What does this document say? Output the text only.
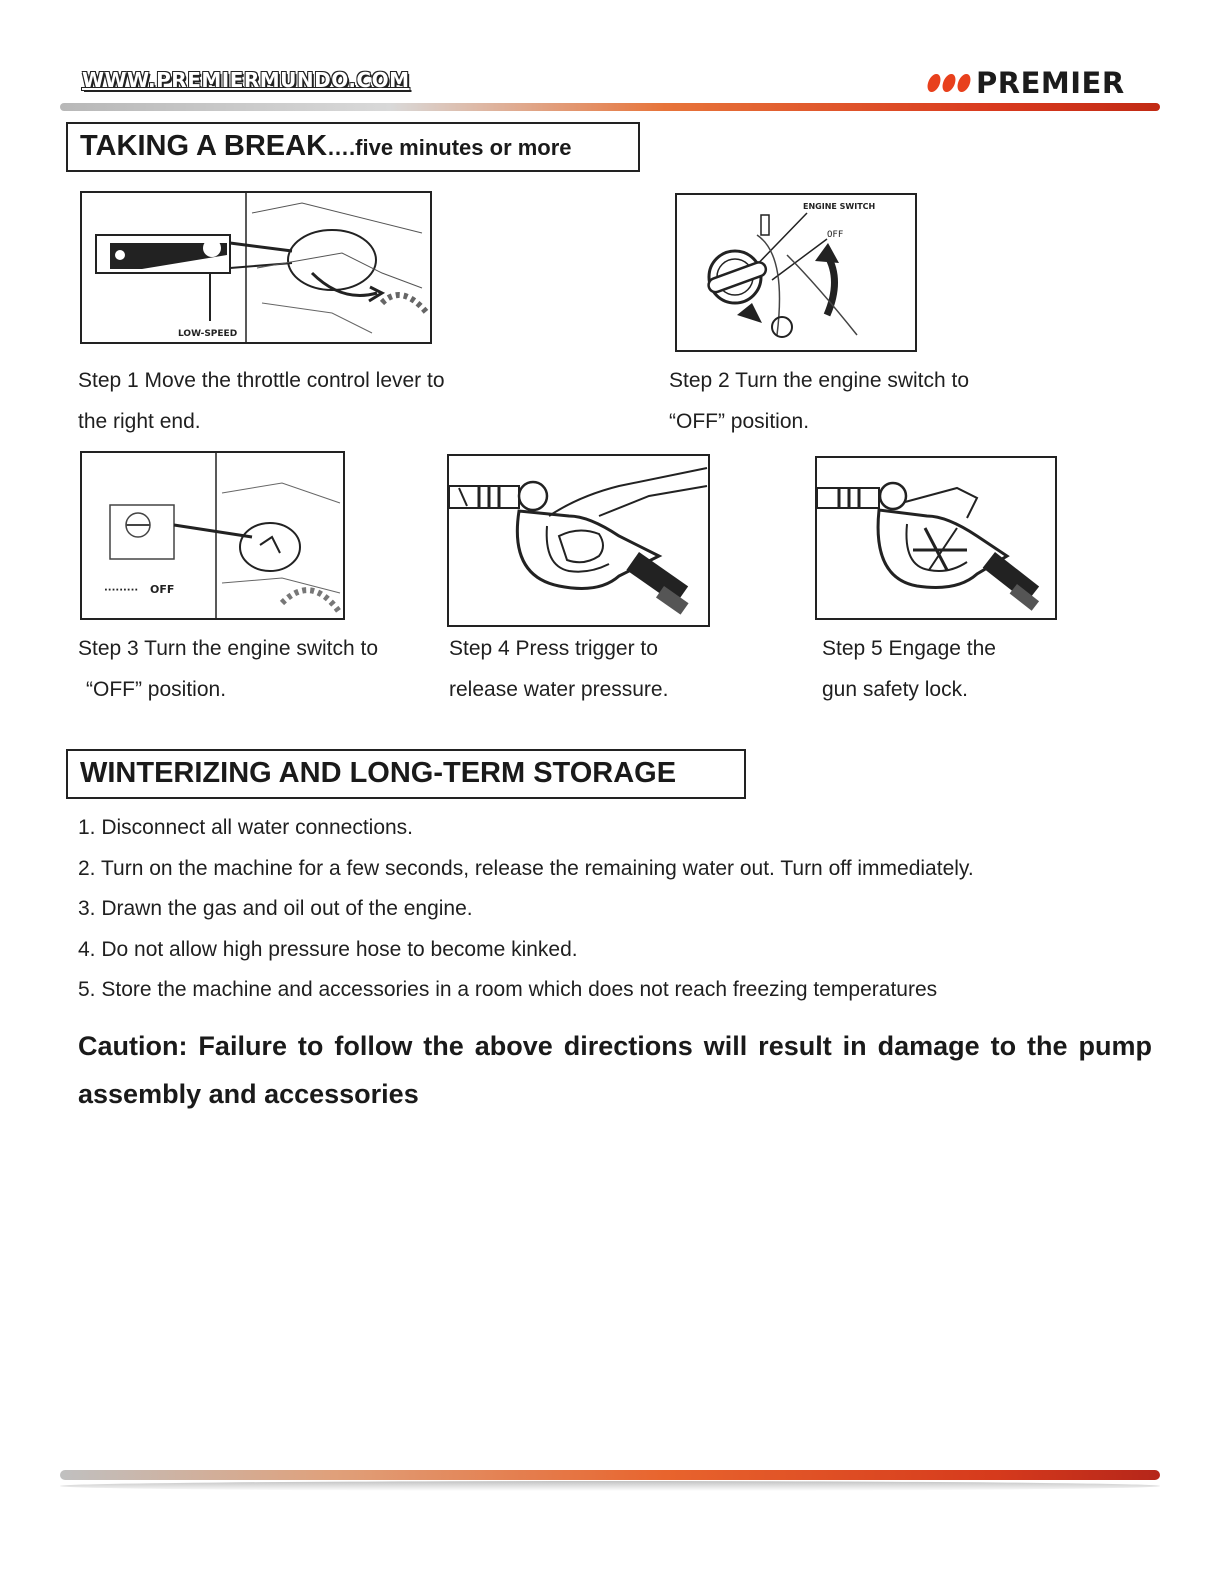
WWW.PREMIERMUNDO.COM	PREMIER
TAKING A BREAK….five minutes or more
LOW-SPEED
ENGINE SWITCH
OFF
Step 1 Move the throttle control lever to
the right end.
Step 2 Turn the engine switch to
“OFF” position.
········· OFF
Step 3 Turn the engine switch to
“OFF” position.
Step 4 Press trigger to
release water pressure.
Step 5 Engage the
gun safety lock.
WINTERIZING AND LONG-TERM STORAGE
1. Disconnect all water connections.
2. Turn on the machine for a few seconds, release the remaining water out. Turn off immediately.
3. Drawn the gas and oil out of the engine.
4. Do not allow high pressure hose to become kinked.
5. Store the machine and accessories in a room which does not reach freezing temperatures
Caution: Failure to follow the above directions will result in damage to the pump assembly and accessories
